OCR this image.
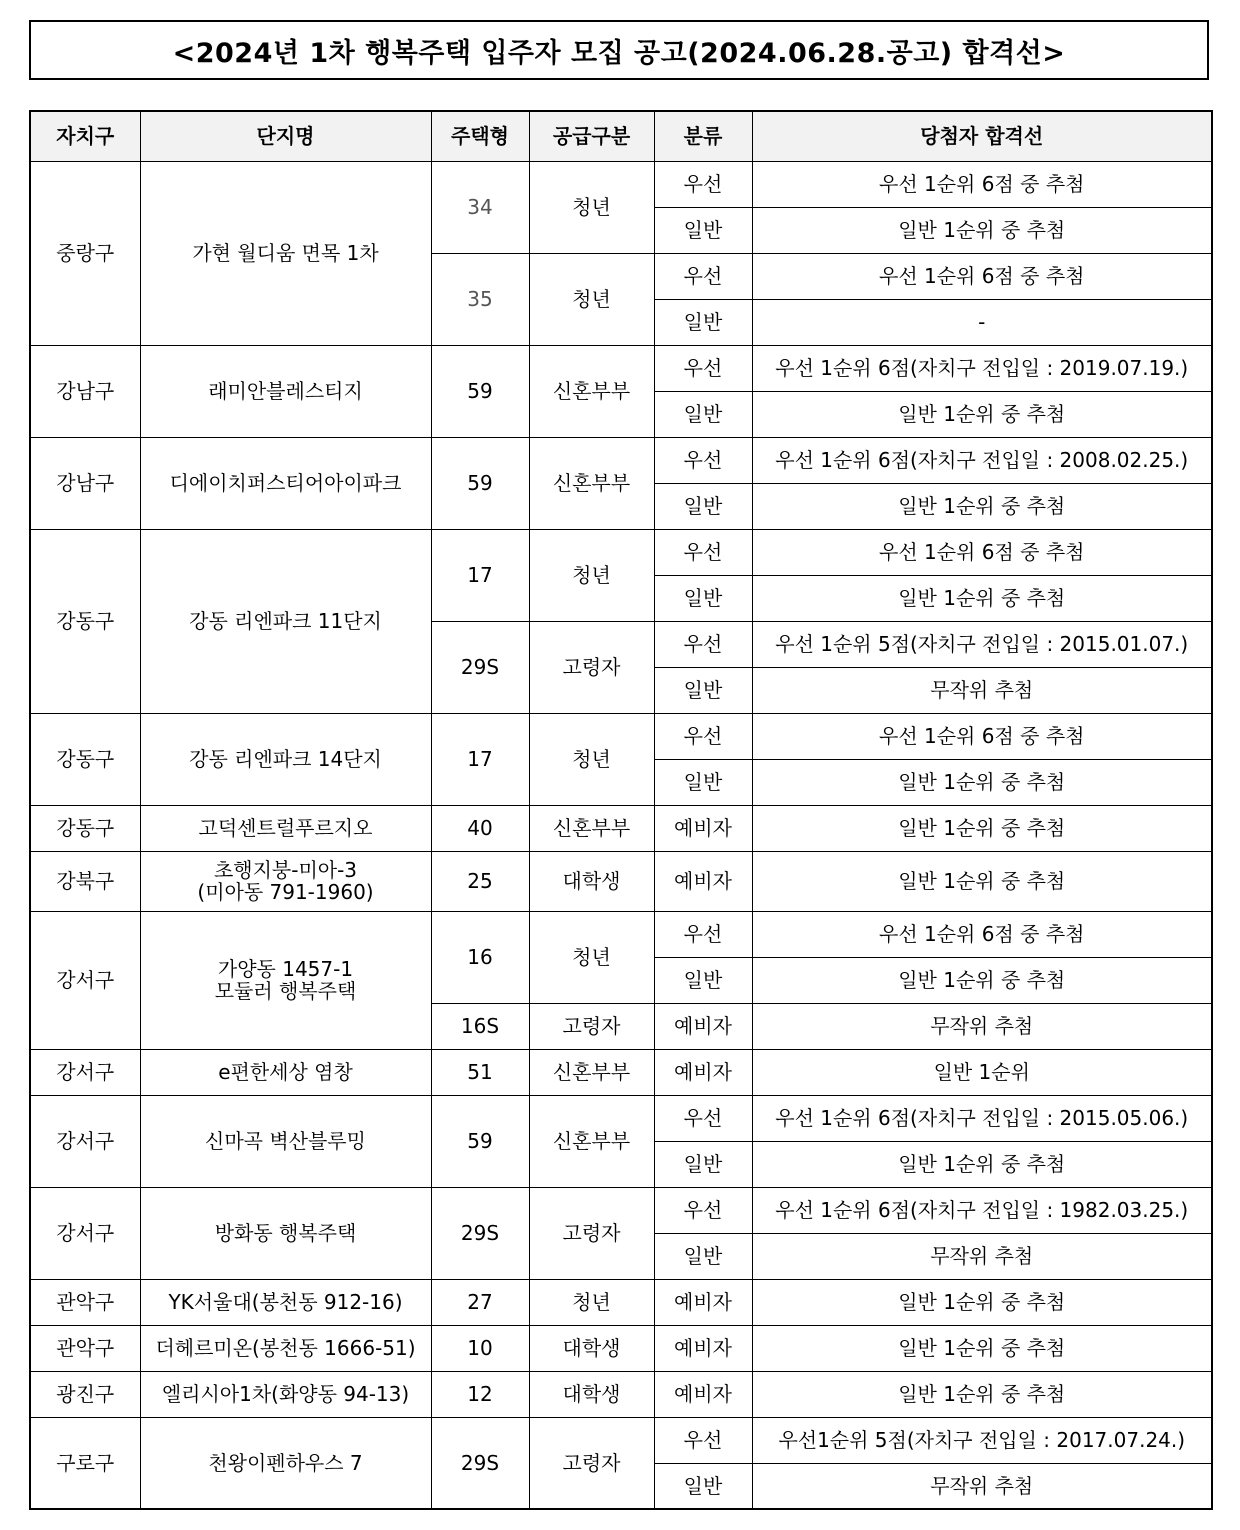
<2024년 1차 행복주택 입주자 모집 공고(2024.06.28.공고) 합격선>
자치구	단지명	주택형	공급구분	분류	당첨자 합격선
중랑구	가현 월디움 면목 1차	34	청년	우선	우선 1순위 6점 중 추첨
				일반	일반 1순위 중 추첨
		35	청년	우선	우선 1순위 6점 중 추첨
				일반	-
강남구	래미안블레스티지	59	신혼부부	우선	우선 1순위 6점(자치구 전입일 : 2019.07.19.)
				일반	일반 1순위 중 추첨
강남구	디에이치퍼스티어아이파크	59	신혼부부	우선	우선 1순위 6점(자치구 전입일 : 2008.02.25.)
				일반	일반 1순위 중 추첨
강동구	강동 리엔파크 11단지	17	청년	우선	우선 1순위 6점 중 추첨
				일반	일반 1순위 중 추첨
		29S	고령자	우선	우선 1순위 5점(자치구 전입일 : 2015.01.07.)
				일반	무작위 추첨
강동구	강동 리엔파크 14단지	17	청년	우선	우선 1순위 6점 중 추첨
				일반	일반 1순위 중 추첨
강동구	고덕센트럴푸르지오	40	신혼부부	예비자	일반 1순위 중 추첨
강북구	초행지붕-미아-3
(미아동 791-1960)	25	대학생	예비자	일반 1순위 중 추첨
강서구	가양동 1457-1
모듈러 행복주택	16	청년	우선	우선 1순위 6점 중 추첨
				일반	일반 1순위 중 추첨
		16S	고령자	예비자	무작위 추첨
강서구	e편한세상 염창	51	신혼부부	예비자	일반 1순위
강서구	신마곡 벽산블루밍	59	신혼부부	우선	우선 1순위 6점(자치구 전입일 : 2015.05.06.)
				일반	일반 1순위 중 추첨
강서구	방화동 행복주택	29S	고령자	우선	우선 1순위 6점(자치구 전입일 : 1982.03.25.)
				일반	무작위 추첨
관악구	YK서울대(봉천동 912-16)	27	청년	예비자	일반 1순위 중 추첨
관악구	더헤르미온(봉천동 1666-51)	10	대학생	예비자	일반 1순위 중 추첨
광진구	엘리시아1차(화양동 94-13)	12	대학생	예비자	일반 1순위 중 추첨
구로구	천왕이펜하우스 7	29S	고령자	우선	우선1순위 5점(자치구 전입일 : 2017.07.24.)
				일반	무작위 추첨
